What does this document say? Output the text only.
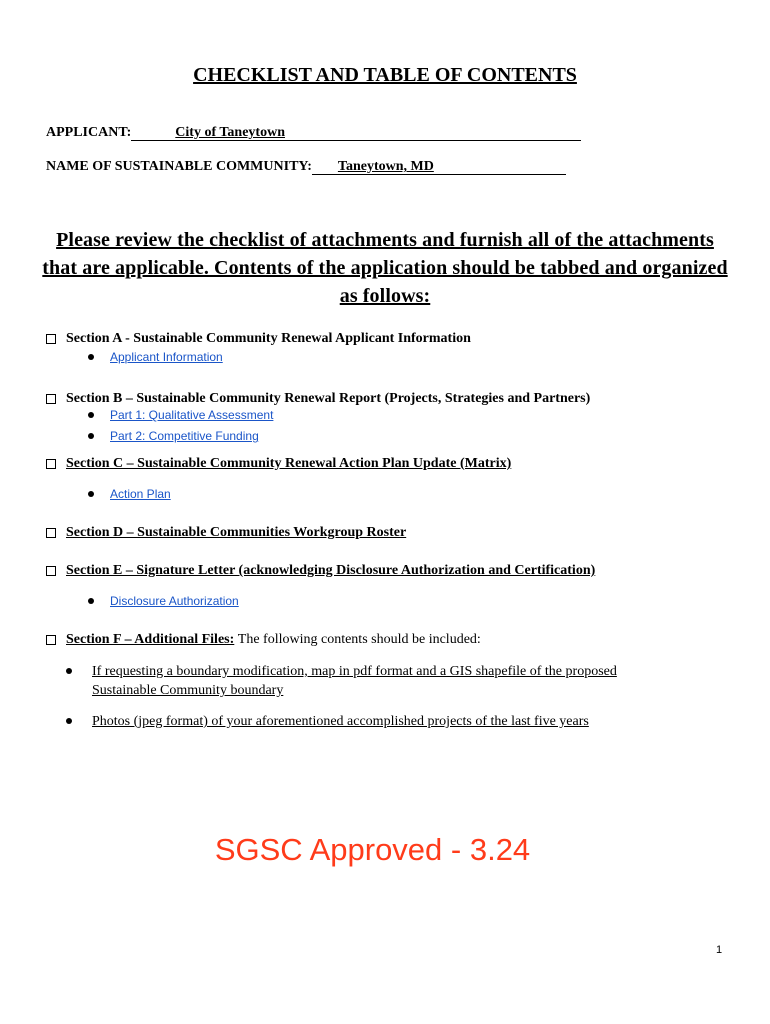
CHECKLIST AND TABLE OF CONTENTS
APPLICANT:	City of Taneytown
NAME OF SUSTAINABLE COMMUNITY: Taneytown, MD
Please review the checklist of attachments and furnish all of the attachments that are applicable. Contents of the application should be tabbed and organized as follows:
Section A - Sustainable Community Renewal Applicant Information
Applicant Information
Section B – Sustainable Community Renewal Report (Projects, Strategies and Partners)
Part 1: Qualitative Assessment
Part 2: Competitive Funding
Section C – Sustainable Community Renewal Action Plan Update (Matrix)
Action Plan
Section D – Sustainable Communities Workgroup Roster
Section E – Signature Letter (acknowledging Disclosure Authorization and Certification)
Disclosure Authorization
Section F – Additional Files:
The following contents should be included:
If requesting a boundary modification, map in pdf format and a GIS shapefile of the proposed Sustainable Community boundary
Photos (jpeg format) of your aforementioned accomplished projects of the last five years
SGSC Approved - 3.24
1
